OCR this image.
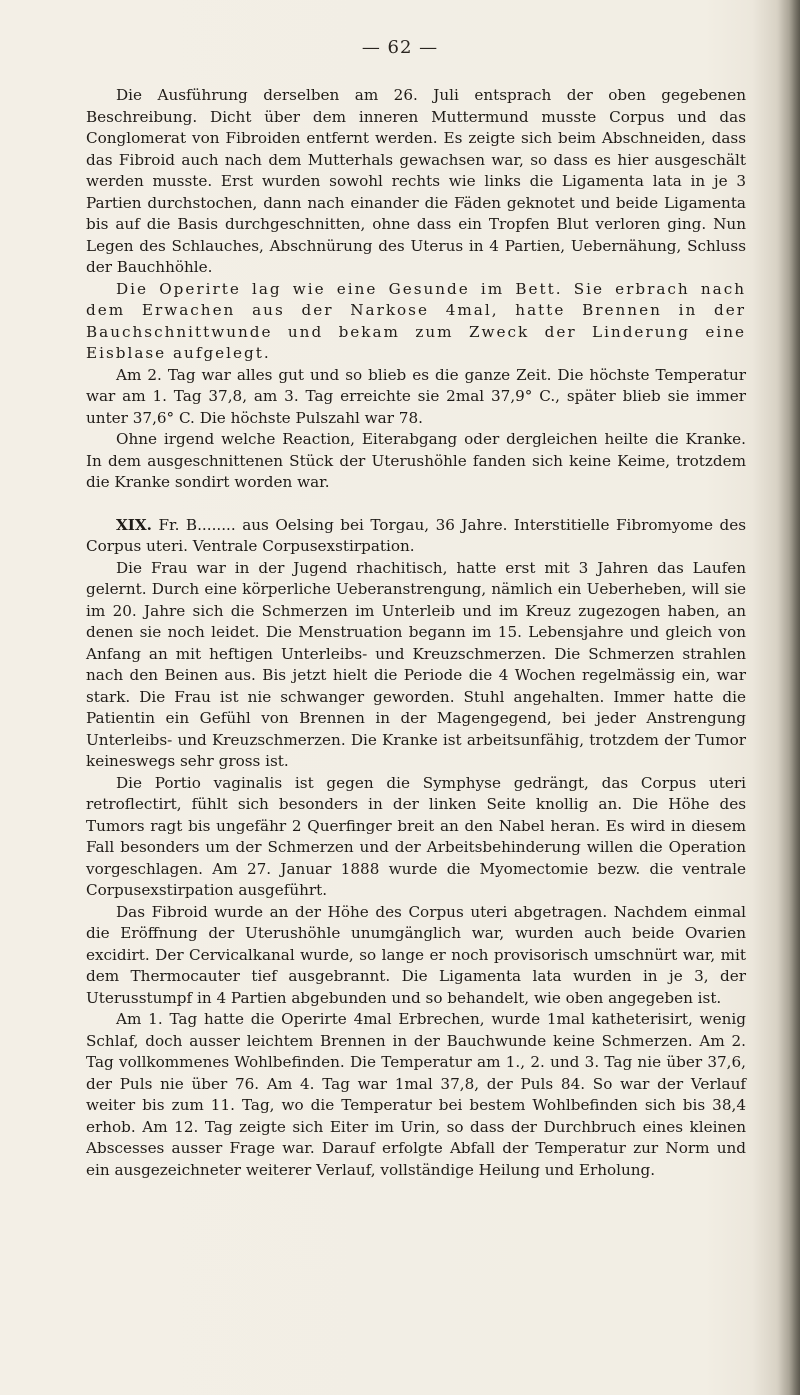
— 62 —

Die Ausführung derselben am 26. Juli entsprach der oben gegebenen Beschreibung. Dicht über dem inneren Muttermund musste Corpus und das Conglomerat von Fibroiden entfernt werden. Es zeigte sich beim Abschneiden, dass das Fibroid auch nach dem Mutterhals gewachsen war, so dass es hier ausgeschält werden musste. Erst wurden sowohl rechts wie links die Ligamenta lata in je 3 Partien durchstochen, dann nach einander die Fäden geknotet und beide Ligamenta bis auf die Basis durchgeschnitten, ohne dass ein Tropfen Blut verloren ging. Nun Legen des Schlauches, Abschnürung des Uterus in 4 Partien, Uebernähung, Schluss der Bauchhöhle.

Die Operirte lag wie eine Gesunde im Bett. Sie erbrach nach dem Erwachen aus der Narkose 4mal, hatte Brennen in der Bauchschnittwunde und bekam zum Zweck der Linderung eine Eisblase aufgelegt.

Am 2. Tag war alles gut und so blieb es die ganze Zeit. Die höchste Temperatur war am 1. Tag 37,8, am 3. Tag erreichte sie 2mal 37,9° C., später blieb sie immer unter 37,6° C. Die höchste Pulszahl war 78.

Ohne irgend welche Reaction, Eiterabgang oder dergleichen heilte die Kranke. In dem ausgeschnittenen Stück der Uterushöhle fanden sich keine Keime, trotzdem die Kranke sondirt worden war.

XIX. Fr. B........ aus Oelsing bei Torgau, 36 Jahre. Interstitielle Fibromyome des Corpus uteri. Ventrale Corpusexstirpation.

Die Frau war in der Jugend rhachitisch, hatte erst mit 3 Jahren das Laufen gelernt. Durch eine körperliche Ueberanstrengung, nämlich ein Ueberheben, will sie im 20. Jahre sich die Schmerzen im Unterleib und im Kreuz zugezogen haben, an denen sie noch leidet. Die Menstruation begann im 15. Lebensjahre und gleich von Anfang an mit heftigen Unterleibs- und Kreuzschmerzen. Die Schmerzen strahlen nach den Beinen aus. Bis jetzt hielt die Periode die 4 Wochen regelmässig ein, war stark. Die Frau ist nie schwanger geworden. Stuhl angehalten. Immer hatte die Patientin ein Gefühl von Brennen in der Magengegend, bei jeder Anstrengung Unterleibs- und Kreuzschmerzen. Die Kranke ist arbeitsunfähig, trotzdem der Tumor keineswegs sehr gross ist.

Die Portio vaginalis ist gegen die Symphyse gedrängt, das Corpus uteri retroflectirt, fühlt sich besonders in der linken Seite knollig an. Die Höhe des Tumors ragt bis ungefähr 2 Querfinger breit an den Nabel heran. Es wird in diesem Fall besonders um der Schmerzen und der Arbeitsbehinderung willen die Operation vorgeschlagen. Am 27. Januar 1888 wurde die Myomectomie bezw. die ventrale Corpusexstirpation ausgeführt.

Das Fibroid wurde an der Höhe des Corpus uteri abgetragen. Nachdem einmal die Eröffnung der Uterushöhle unumgänglich war, wurden auch beide Ovarien excidirt. Der Cervicalkanal wurde, so lange er noch provisorisch umschnürt war, mit dem Thermocauter tief ausgebrannt. Die Ligamenta lata wurden in je 3, der Uterusstumpf in 4 Partien abgebunden und so behandelt, wie oben angegeben ist.

Am 1. Tag hatte die Operirte 4mal Erbrechen, wurde 1mal katheterisirt, wenig Schlaf, doch ausser leichtem Brennen in der Bauchwunde keine Schmerzen. Am 2. Tag vollkommenes Wohlbefinden. Die Temperatur am 1., 2. und 3. Tag nie über 37,6, der Puls nie über 76. Am 4. Tag war 1mal 37,8, der Puls 84. So war der Verlauf weiter bis zum 11. Tag, wo die Temperatur bei bestem Wohlbefinden sich bis 38,4 erhob. Am 12. Tag zeigte sich Eiter im Urin, so dass der Durchbruch eines kleinen Abscesses ausser Frage war. Darauf erfolgte Abfall der Temperatur zur Norm und ein ausgezeichneter weiterer Verlauf, vollständige Heilung und Erholung.
